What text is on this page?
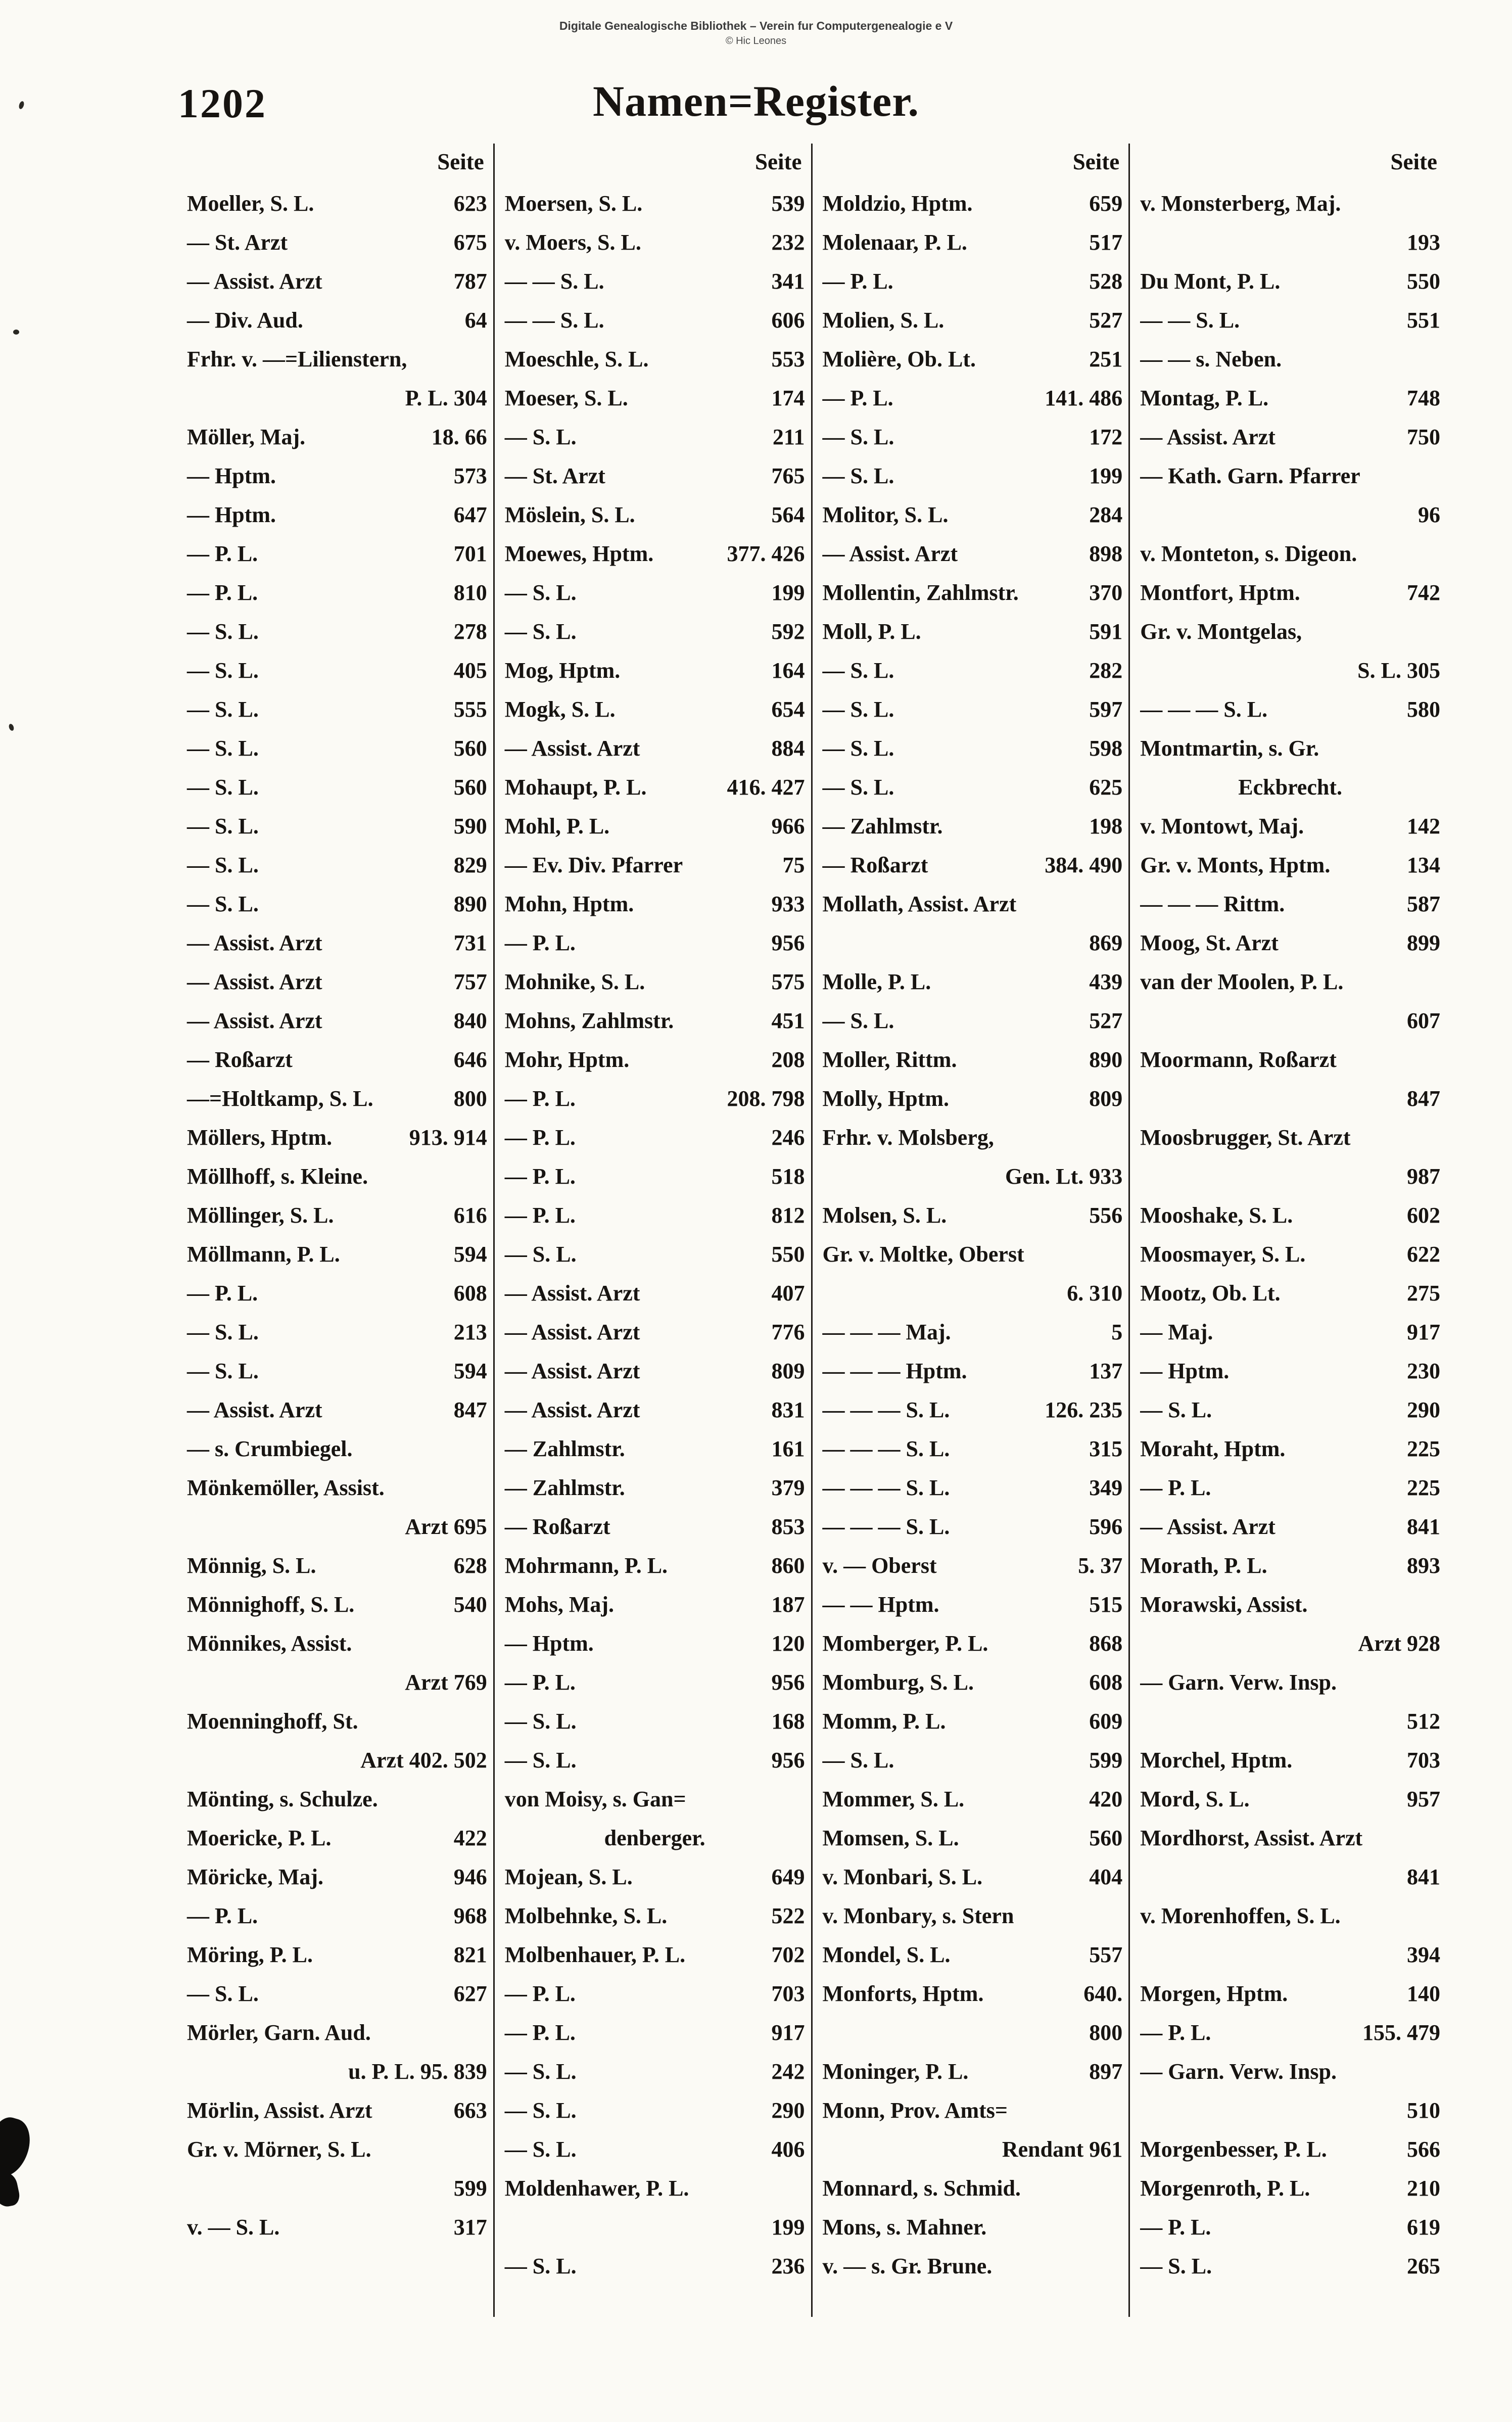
Digitale Genealogische Bibliothek – Verein fur Computergenealogie e V
© Hic Leones
1202	Namen=Register.
Seite
Moeller, S. L.	623
— St. Arzt	675
— Assist. Arzt	787
— Div. Aud.	64
Frhr. v. —=Lilienstern,
P. L. 304
Möller, Maj.	18. 66
— Hptm.	573
— Hptm.	647
— P. L.	701
— P. L.	810
— S. L.	278
— S. L.	405
— S. L.	555
— S. L.	560
— S. L.	560
— S. L.	590
— S. L.	829
— S. L.	890
— Assist. Arzt	731
— Assist. Arzt	757
— Assist. Arzt	840
— Roßarzt	646
—=Holtkamp, S. L.	800
Möllers, Hptm.	913. 914
Möllhoff, s. Kleine.
Möllinger, S. L.	616
Möllmann, P. L.	594
— P. L.	608
— S. L.	213
— S. L.	594
— Assist. Arzt	847
— s. Crumbiegel.
Mönkemöller, Assist.
Arzt 695
Mönnig, S. L.	628
Mönnighoff, S. L.	540
Mönnikes, Assist.
Arzt 769
Moenninghoff, St.
Arzt 402. 502
Mönting, s. Schulze.
Moericke, P. L.	422
Möricke, Maj.	946
— P. L.	968
Möring, P. L.	821
— S. L.	627
Mörler, Garn. Aud.
u. P. L. 95. 839
Mörlin, Assist. Arzt	663
Gr. v. Mörner, S. L.
599
v. — S. L.	317
Seite
Moersen, S. L.	539
v. Moers, S. L.	232
— — S. L.	341
— — S. L.	606
Moeschle, S. L.	553
Moeser, S. L.	174
— S. L.	211
— St. Arzt	765
Möslein, S. L.	564
Moewes, Hptm.	377. 426
— S. L.	199
— S. L.	592
Mog, Hptm.	164
Mogk, S. L.	654
— Assist. Arzt	884
Mohaupt, P. L.	416. 427
Mohl, P. L.	966
— Ev. Div. Pfarrer	75
Mohn, Hptm.	933
— P. L.	956
Mohnike, S. L.	575
Mohns, Zahlmstr.	451
Mohr, Hptm.	208
— P. L.	208. 798
— P. L.	246
— P. L.	518
— P. L.	812
— S. L.	550
— Assist. Arzt	407
— Assist. Arzt	776
— Assist. Arzt	809
— Assist. Arzt	831
— Zahlmstr.	161
— Zahlmstr.	379
— Roßarzt	853
Mohrmann, P. L.	860
Mohs, Maj.	187
— Hptm.	120
— P. L.	956
— S. L.	168
— S. L.	956
von Moisy, s. Gan=
denberger.
Mojean, S. L.	649
Molbehnke, S. L.	522
Molbenhauer, P. L.	702
— P. L.	703
— P. L.	917
— S. L.	242
— S. L.	290
— S. L.	406
Moldenhawer, P. L.
199
— S. L.	236
Seite
Moldzio, Hptm.	659
Molenaar, P. L.	517
— P. L.	528
Molien, S. L.	527
Molière, Ob. Lt.	251
— P. L.	141. 486
— S. L.	172
— S. L.	199
Molitor, S. L.	284
— Assist. Arzt	898
Mollentin, Zahlmstr.	370
Moll, P. L.	591
— S. L.	282
— S. L.	597
— S. L.	598
— S. L.	625
— Zahlmstr.	198
— Roßarzt	384. 490
Mollath, Assist. Arzt
869
Molle, P. L.	439
— S. L.	527
Moller, Rittm.	890
Molly, Hptm.	809
Frhr. v. Molsberg,
Gen. Lt. 933
Molsen, S. L.	556
Gr. v. Moltke, Oberst
6. 310
— — — Maj.	5
— — — Hptm.	137
— — — S. L.	126. 235
— — — S. L.	315
— — — S. L.	349
— — — S. L.	596
v. — Oberst	5. 37
— — Hptm.	515
Momberger, P. L.	868
Momburg, S. L.	608
Momm, P. L.	609
— S. L.	599
Mommer, S. L.	420
Momsen, S. L.	560
v. Monbari, S. L.	404
v. Monbary, s. Stern
Mondel, S. L.	557
Monforts, Hptm.	640.
800
Moninger, P. L.	897
Monn, Prov. Amts=
Rendant 961
Monnard, s. Schmid.
Mons, s. Mahner.
v. — s. Gr. Brune.
Seite
v. Monsterberg, Maj.
193
Du Mont, P. L.	550
— — S. L.	551
— — s. Neben.
Montag, P. L.	748
— Assist. Arzt	750
— Kath. Garn. Pfarrer
96
v. Monteton, s. Digeon.
Montfort, Hptm.	742
Gr. v. Montgelas,
S. L. 305
— — — S. L.	580
Montmartin, s. Gr.
Eckbrecht.
v. Montowt, Maj.	142
Gr. v. Monts, Hptm.	134
— — — Rittm.	587
Moog, St. Arzt	899
van der Moolen, P. L.
607
Moormann, Roßarzt
847
Moosbrugger, St. Arzt
987
Mooshake, S. L.	602
Moosmayer, S. L.	622
Mootz, Ob. Lt.	275
— Maj.	917
— Hptm.	230
— S. L.	290
Moraht, Hptm.	225
— P. L.	225
— Assist. Arzt	841
Morath, P. L.	893
Morawski, Assist.
Arzt 928
— Garn. Verw. Insp.
512
Morchel, Hptm.	703
Mord, S. L.	957
Mordhorst, Assist. Arzt
841
v. Morenhoffen, S. L.
394
Morgen, Hptm.	140
— P. L.	155. 479
— Garn. Verw. Insp.
510
Morgenbesser, P. L.	566
Morgenroth, P. L.	210
— P. L.	619
— S. L.	265
